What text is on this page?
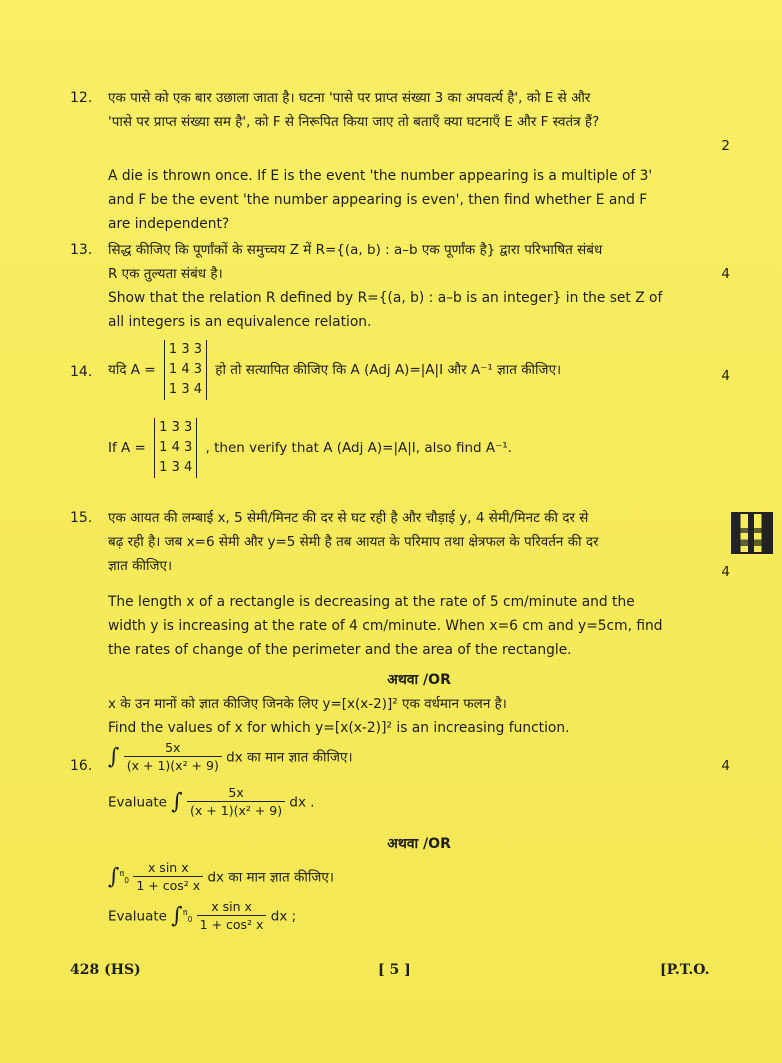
12. एक पासे को एक बार उछाला जाता है। घटना 'पासे पर प्राप्त संख्या 3 का अपवर्त्य है', को E से और
'पासे पर प्राप्त संख्या सम है', को F से निरूपित किया जाए तो बताएँ क्या घटनाएँ E और F स्वतंत्र हैं?
2
A die is thrown once. If E is the event 'the number appearing is a multiple of 3'
and F be the event 'the number appearing is even', then find whether E and F
are independent?
13. सिद्ध कीजिए कि पूर्णांकों के समुच्चय Z में R={(a, b) : a–b एक पूर्णांक है} द्वारा परिभाषित संबंध
R एक तुल्यता संबंध है।	4
Show that the relation R defined by R={(a, b) : a–b is an integer} in the set Z of
all integers is an equivalence relation.
14. यदि A =
1 3 3
1 4 3
1 3 4
हो तो सत्यापित कीजिए कि A (Adj A)=|A|I और A⁻¹ ज्ञात कीजिए।	4
If A =
1 3 3
1 4 3
1 3 4
, then verify that A (Adj A)=|A|I, also find A⁻¹.
15. एक आयत की लम्बाई x, 5 सेमी/मिनट की दर से घट रही है और चौड़ाई y, 4 सेमी/मिनट की दर से
बढ़ रही है। जब x=6 सेमी और y=5 सेमी है तब आयत के परिमाप तथा क्षेत्रफल के परिवर्तन की दर
ज्ञात कीजिए।	4
The length x of a rectangle is decreasing at the rate of 5 cm/minute and the
width y is increasing at the rate of 4 cm/minute. When x=6 cm and y=5cm, find
the rates of change of the perimeter and the area of the rectangle.
अथवा /OR
x के उन मानों को ज्ञात कीजिए जिनके लिए y=[x(x-2)]² एक वर्धमान फलन है।
Find the values of x for which y=[x(x-2)]² is an increasing function.
16. ∫ $\frac{5x}{\text{(x + 1)(x² + 9)}}$ dx का मान ज्ञात कीजिए।
4
Evaluate ∫ $\frac{5x}{\text{(x + 1)(x² + 9)}}$ dx .
अथवा /OR
$\int^\pi_0 \frac{\text{x sin x}}{\text{1 + cos² x}}$ dx का मान ज्ञात कीजिए।
Evaluate $\int^\pi_0 \frac{\text{x sin x}}{\text{1 + cos² x}}$ dx ;
428 (HS)	[ 5 ]	[P.T.O.
